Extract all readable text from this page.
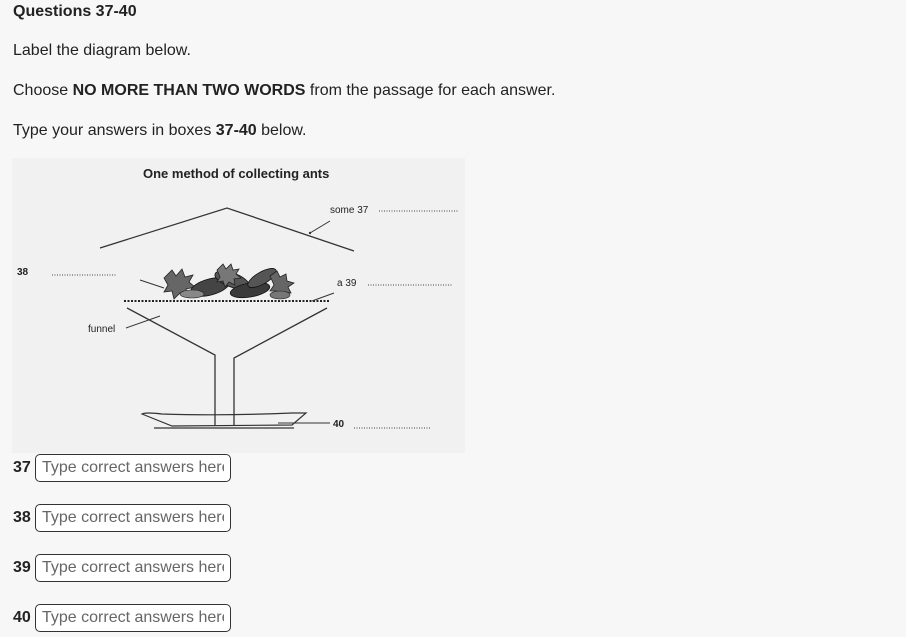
Questions 37-40
Label the diagram below.
Choose NO MORE THAN TWO WORDS from the passage for each answer.
Type your answers in boxes 37-40 below.
One method of collecting ants
some 37
38
a 39
funnel
40
37
Type correct answers here
38
Type correct answers here
39
Type correct answers here
40
Type correct answers here
